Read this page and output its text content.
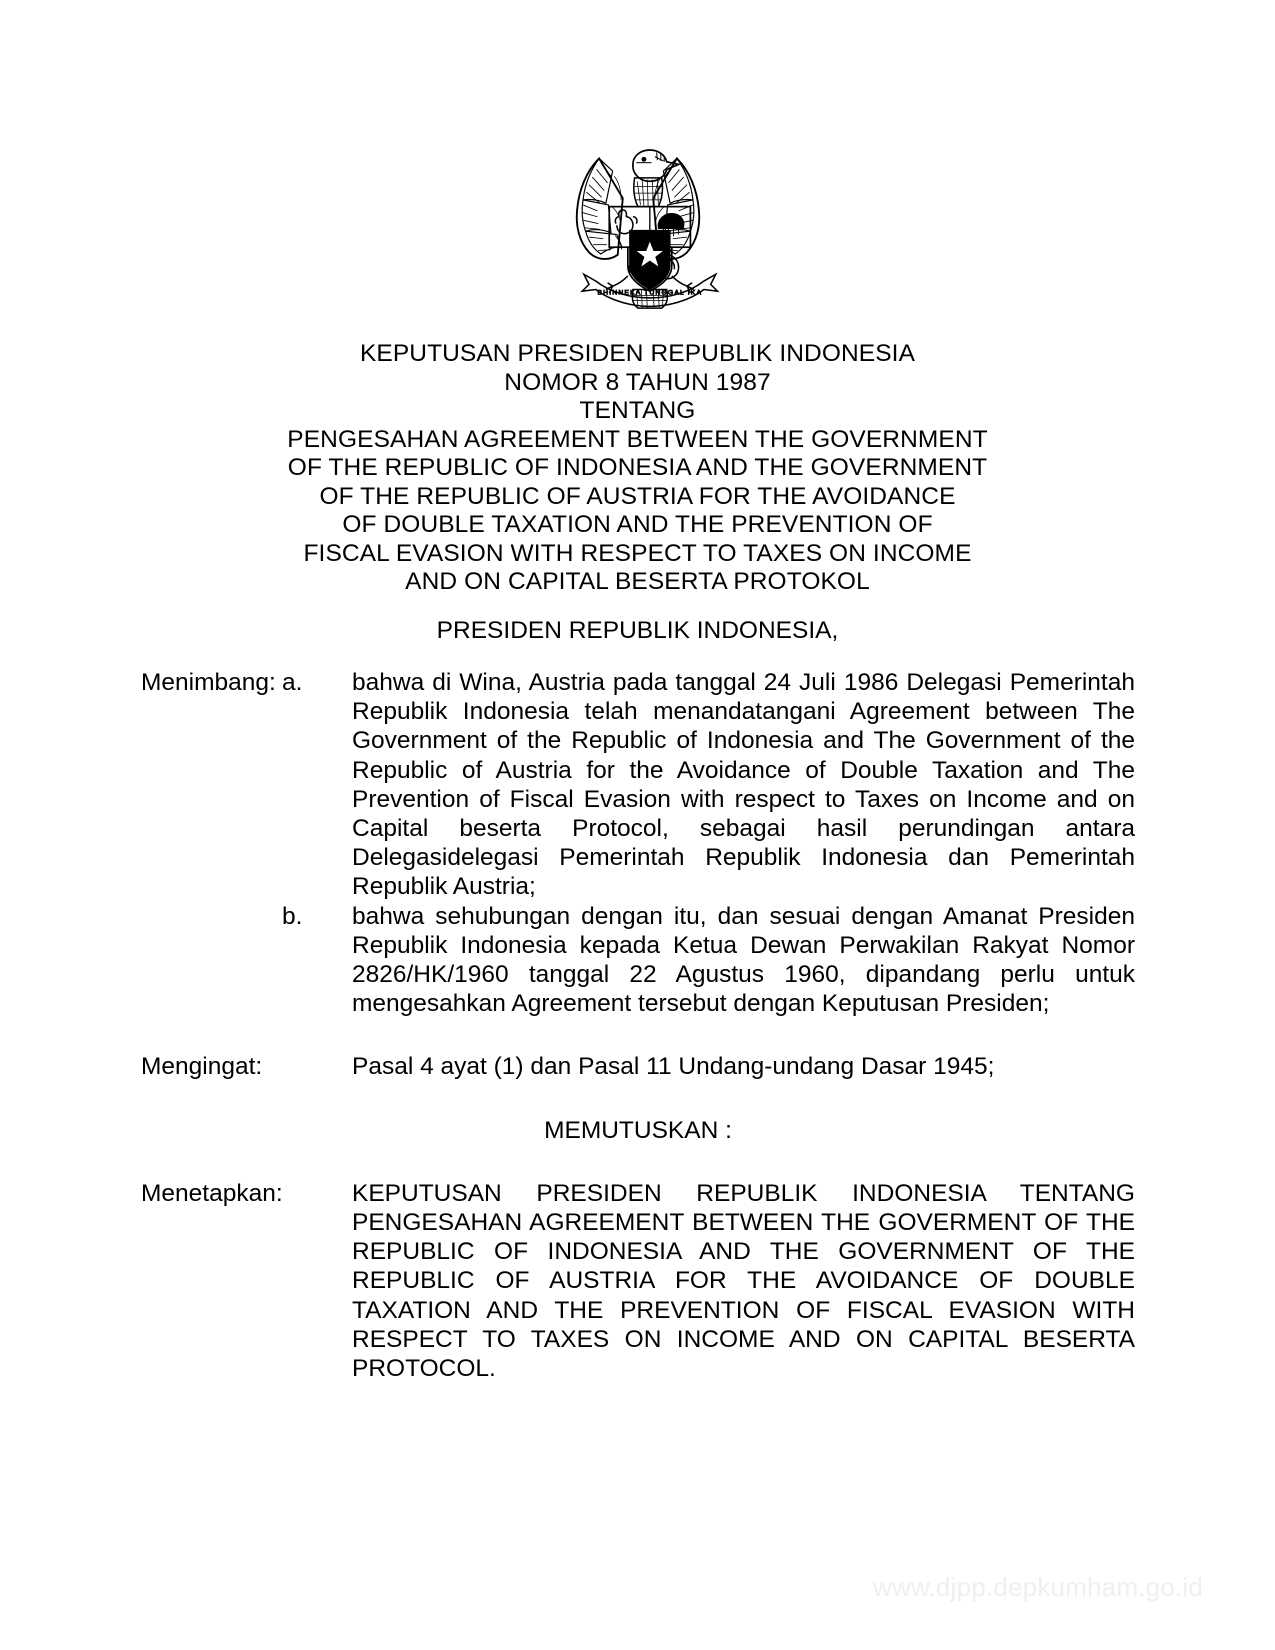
BHINNEKA TUNGGAL IKA
KEPUTUSAN PRESIDEN REPUBLIK INDONESIA
NOMOR 8 TAHUN 1987
TENTANG
PENGESAHAN AGREEMENT BETWEEN THE GOVERNMENT
OF THE REPUBLIC OF INDONESIA AND THE GOVERNMENT
OF THE REPUBLIC OF AUSTRIA FOR THE AVOIDANCE
OF DOUBLE TAXATION AND THE PREVENTION OF
FISCAL EVASION WITH RESPECT TO TAXES ON INCOME
AND ON CAPITAL BESERTA PROTOKOL
PRESIDEN REPUBLIK INDONESIA,
Menimbang: a.	bahwa di Wina, Austria pada tanggal 24 Juli 1986 Delegasi Pemerintah Republik Indonesia telah menandatangani Agreement between The Government of the Republic of Indonesia and The Government of the Republic of Austria for the Avoidance of Double Taxation and The Prevention of Fiscal Evasion with respect to Taxes on Income and on Capital beserta Protocol, sebagai hasil perundingan antara Delegasidelegasi Pemerintah Republik Indonesia dan Pemerintah Republik Austria;
b.	bahwa sehubungan dengan itu, dan sesuai dengan Amanat Presiden Republik Indonesia kepada Ketua Dewan Perwakilan Rakyat Nomor 2826/HK/1960 tanggal 22 Agustus 1960, dipandang perlu untuk mengesahkan Agreement tersebut dengan Keputusan Presiden;
Mengingat:	Pasal 4 ayat (1) dan Pasal 11 Undang-undang Dasar 1945;
MEMUTUSKAN :
Menetapkan:	KEPUTUSAN PRESIDEN REPUBLIK INDONESIA TENTANG PENGESAHAN AGREEMENT BETWEEN THE GOVERMENT OF THE REPUBLIC OF INDONESIA AND THE GOVERNMENT OF THE REPUBLIC OF AUSTRIA FOR THE AVOIDANCE OF DOUBLE TAXATION AND THE PREVENTION OF FISCAL EVASION WITH RESPECT TO TAXES ON INCOME AND ON CAPITAL BESERTA PROTOCOL.
www.djpp.depkumham.go.id
